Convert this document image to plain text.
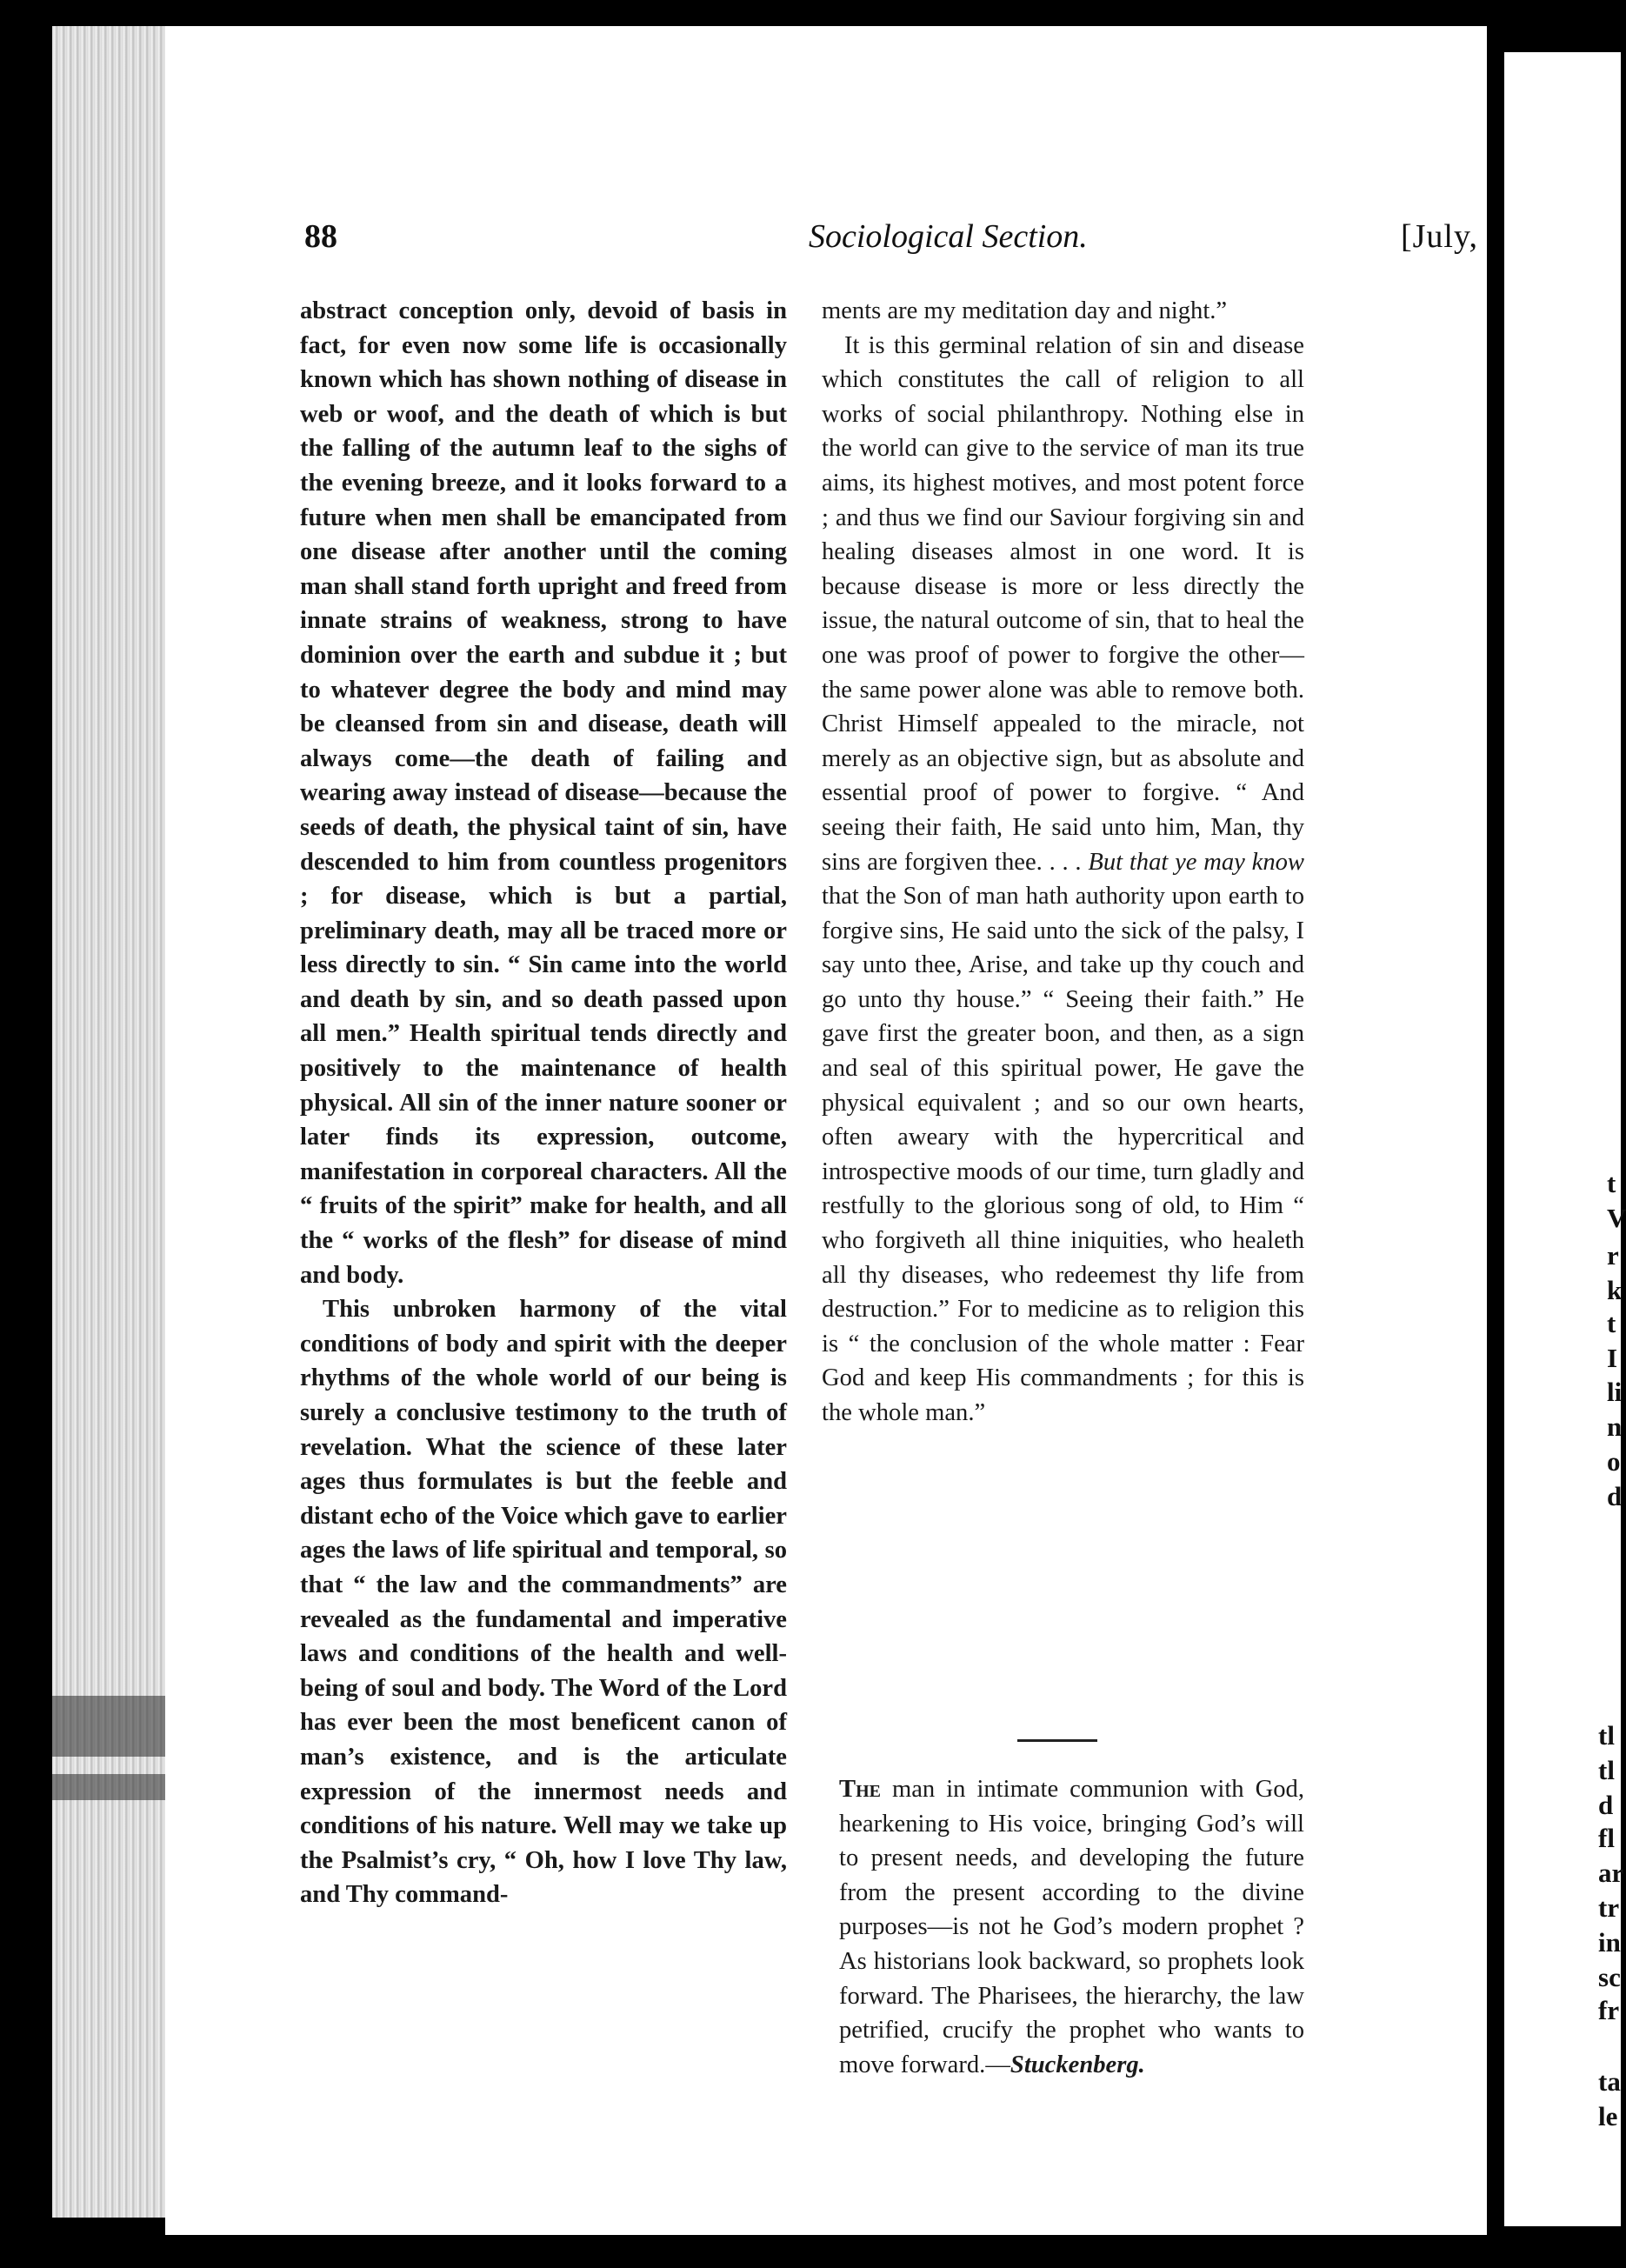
t
V
r
k
t
I
li
n
o
d
tl
tl
d
fl
ar
tr
in
sc
fr
ta
le
88	Sociological Section.	[July,

abstract conception only, devoid of basis in fact, for even now some life is occasionally known which has shown nothing of disease in web or woof, and the death of which is but the falling of the autumn leaf to the sighs of the evening breeze, and it looks forward to a future when men shall be emancipated from one disease after another until the coming man shall stand forth upright and freed from innate strains of weakness, strong to have dominion over the earth and subdue it ; but to whatever degree the body and mind may be cleansed from sin and disease, death will always come—the death of failing and wearing away instead of disease—because the seeds of death, the physical taint of sin, have descended to him from countless progenitors ; for disease, which is but a partial, preliminary death, may all be traced more or less directly to sin. “ Sin came into the world and death by sin, and so death passed upon all men.” Health spiritual tends directly and positively to the maintenance of health physical. All sin of the inner nature sooner or later finds its expression, outcome, manifestation in corporeal characters. All the “ fruits of the spirit” make for health, and all the “ works of the flesh” for disease of mind and body.

This unbroken harmony of the vital conditions of body and spirit with the deeper rhythms of the whole world of our being is surely a conclusive testimony to the truth of revelation. What the science of these later ages thus formulates is but the feeble and distant echo of the Voice which gave to earlier ages the laws of life spiritual and temporal, so that “ the law and the commandments” are revealed as the fundamental and imperative laws and conditions of the health and well-being of soul and body. The Word of the Lord has ever been the most beneficent canon of man’s existence, and is the articulate expression of the innermost needs and conditions of his nature. Well may we take up the Psalmist’s cry, “ Oh, how I love Thy law, and Thy command-

ments are my meditation day and night.”

It is this germinal relation of sin and disease which constitutes the call of religion to all works of social philanthropy. Nothing else in the world can give to the service of man its true aims, its highest motives, and most potent force ; and thus we find our Saviour forgiving sin and healing diseases almost in one word. It is because disease is more or less directly the issue, the natural outcome of sin, that to heal the one was proof of power to forgive the other—the same power alone was able to remove both. Christ Himself appealed to the miracle, not merely as an objective sign, but as absolute and essential proof of power to forgive. “ And seeing their faith, He said unto him, Man, thy sins are forgiven thee. . . . But that ye may know that the Son of man hath authority upon earth to forgive sins, He said unto the sick of the palsy, I say unto thee, Arise, and take up thy couch and go unto thy house.” “ Seeing their faith.” He gave first the greater boon, and then, as a sign and seal of this spiritual power, He gave the physical equivalent ; and so our own hearts, often aweary with the hypercritical and introspective moods of our time, turn gladly and restfully to the glorious song of old, to Him “ who forgiveth all thine iniquities, who healeth all thy diseases, who redeemest thy life from destruction.” For to medicine as to religion this is “ the conclusion of the whole matter : Fear God and keep His commandments ; for this is the whole man.”

The man in intimate communion with God, hearkening to His voice, bringing God’s will to present needs, and developing the future from the present according to the divine purposes—is not he God’s modern prophet ? As historians look backward, so prophets look forward. The Pharisees, the hierarchy, the law petrified, crucify the prophet who wants to move forward.—Stuckenberg.
